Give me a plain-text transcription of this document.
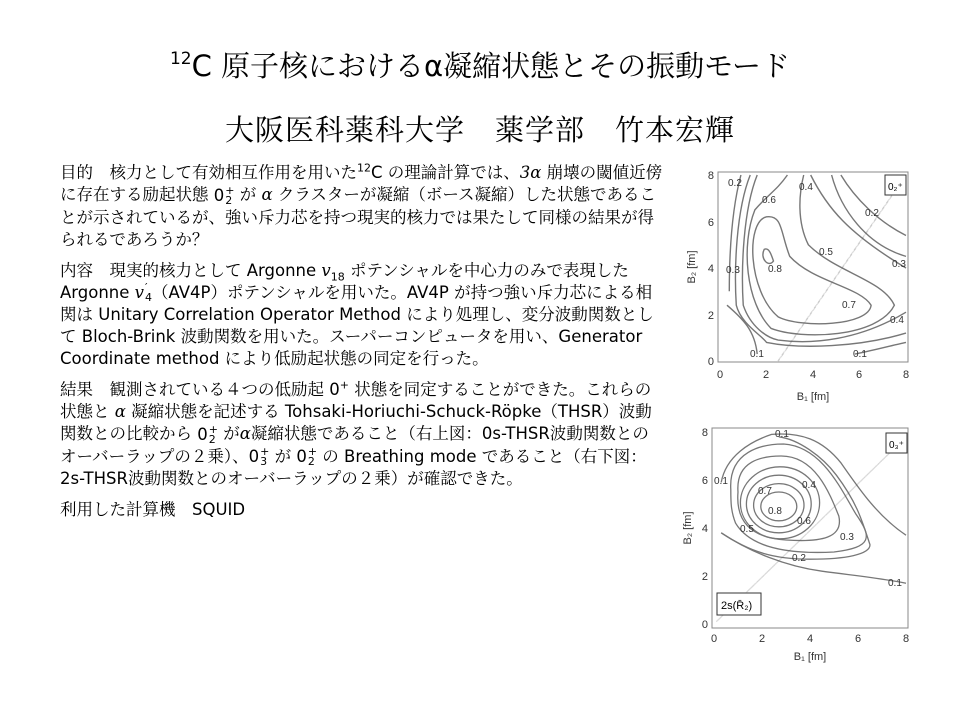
$^{12}$C 原子核におけるα凝縮状態とその振動モード
大阪医科薬科大学　薬学部　竹本宏輝

目的　核力として有効相互作用を用いた$^{12}$C の理論計算では、3α 崩壊の閾値近傍に存在する励起状態 0 +
2 が α クラスターが凝縮（ボース凝縮）した状態であることが示されているが、強い斥力芯を持つ現実的核力では果たして同様の結果が得られるであろうか？

内容　現実的核力として Argonne $v_{18}$ ポテンシャルを中心力のみで表現した Argonne v ′
4 （AV4P）ポテンシャルを用いた。AV4P が持つ強い斥力芯による相関は Unitary Correlation Operator Method により処理し、変分波動関数として Bloch-Brink 波動関数を用いた。スーパーコンピュータを用い、Generator Coordinate method により低励起状態の同定を行った。

結果　観測されている４つの低励起 0+ 状態を同定することができた。これらの状態と α 凝縮状態を記述する Tohsaki-Horiuchi-Schuck-Röpke（THSR）波動関数との比較から 0 +
2 がα凝縮状態であること（右上図：0s-THSR波動関数とのオーバーラップの２乗）、 0 +
3 が 0 +
2 の Breathing mode であること（右下図：2s-THSR波動関数とのオーバーラップの２乗）が確認できた。

利用した計算機　SQUID

0.2
0.6
0.4
0.2
0.5
0.3	0.8	0.3
0.7
0.4
0.1	0.1
0₂⁺
0	2	4	6	8
0
2
4
6
8
B₁ [fm]
B₂ [fm]
0.1
0.1
0.7
0.4
0.8
0.6
0.5
0.3
0.2
0.1
0₃⁺
2s(R̄₂)
0	2	4	6	8
0
2
4
6
8
B₁ [fm]
B₂ [fm]
